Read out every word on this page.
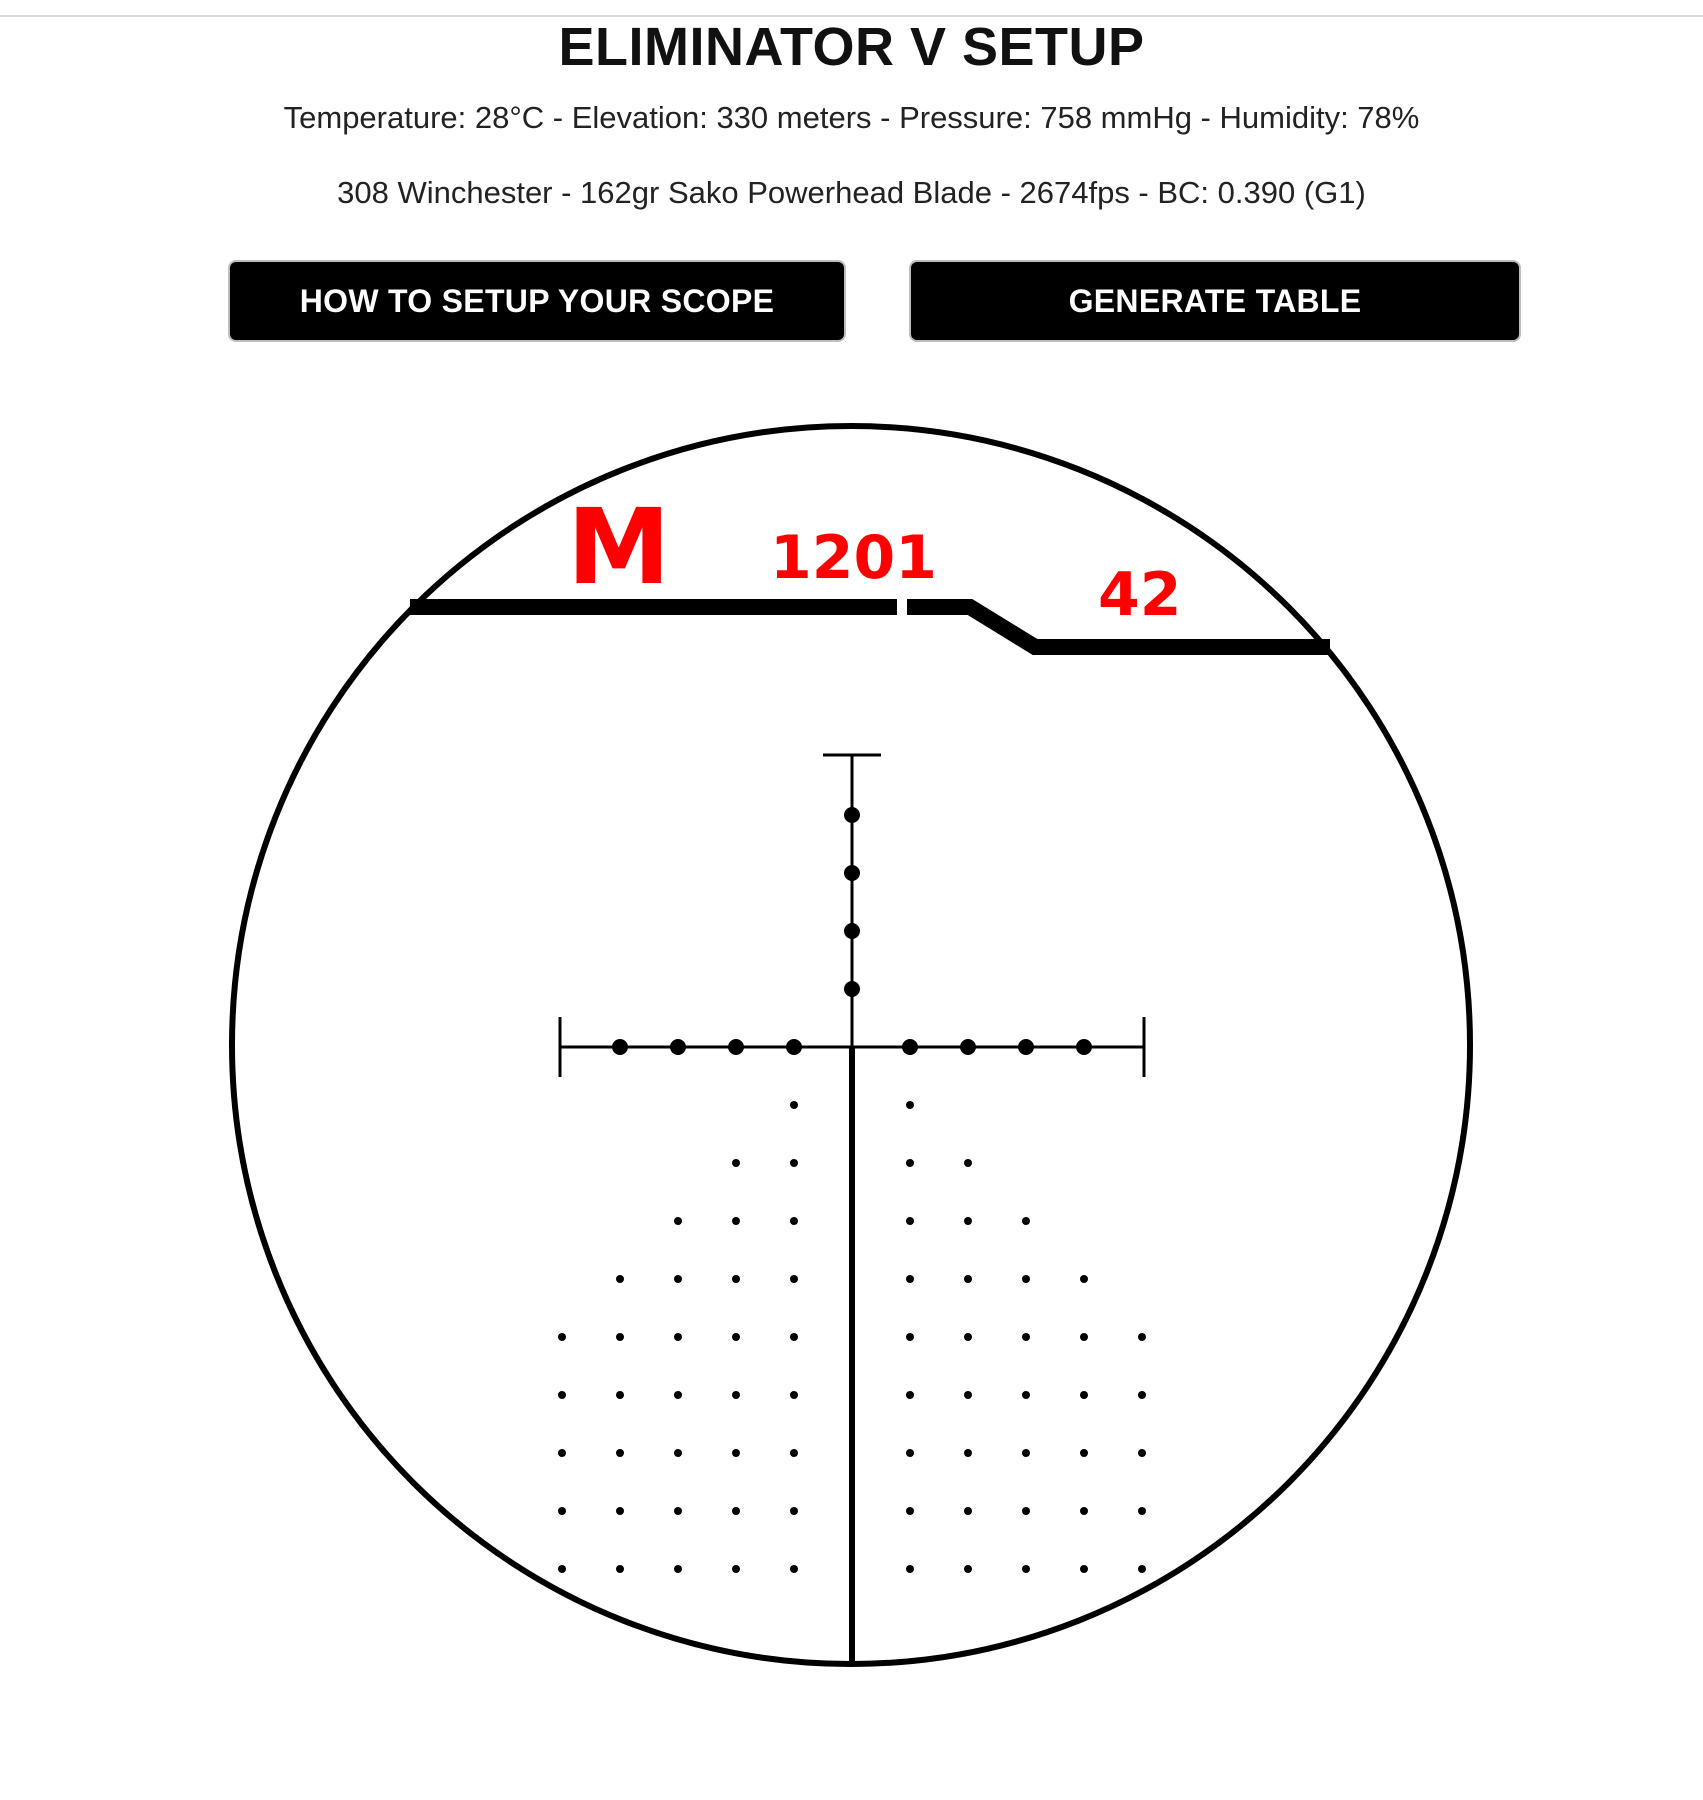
ELIMINATOR V SETUP

Temperature: 28°C - Elevation: 330 meters - Pressure: 758 mmHg - Humidity: 78%

308 Winchester - 162gr Sako Powerhead Blade - 2674fps - BC: 0.390 (G1)

HOW TO SETUP YOUR SCOPE	GENERATE TABLE
M 1201
42
